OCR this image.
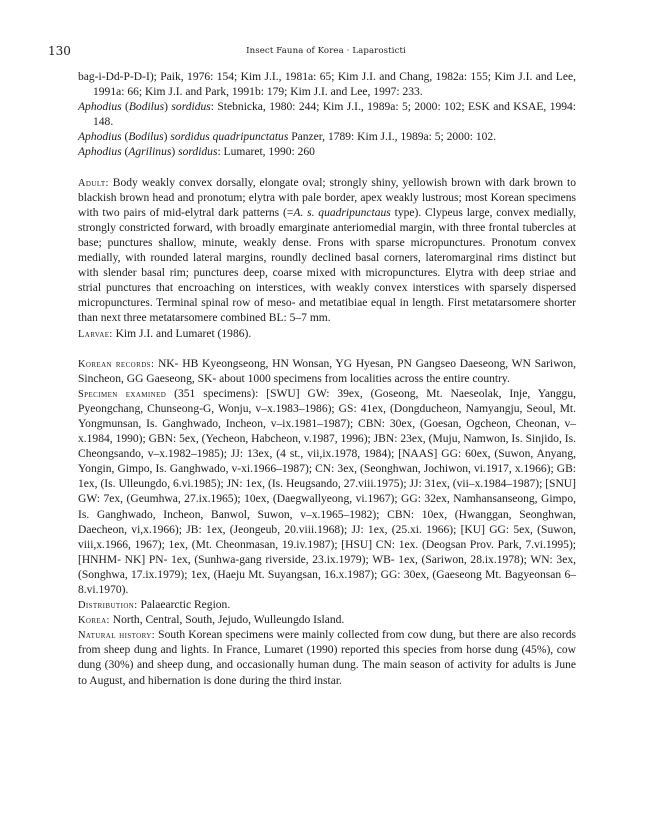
130	Insect Fauna of Korea · Laparosticti

bag-i-Dd-P-D-I); Paik, 1976: 154; Kim J.I., 1981a: 65; Kim J.I. and Chang, 1982a: 155; Kim J.I. and Lee, 1991a: 66; Kim J.I. and Park, 1991b: 179; Kim J.I. and Lee, 1997: 233.

Aphodius (Bodilus) sordidus: Stebnicka, 1980: 244; Kim J.I., 1989a: 5; 2000: 102; ESK and KSAE, 1994: 148.

Aphodius (Bodilus) sordidus quadripunctatus Panzer, 1789: Kim J.I., 1989a: 5; 2000: 102.

Aphodius (Agrilinus) sordidus: Lumaret, 1990: 260

Adult: Body weakly convex dorsally, elongate oval; strongly shiny, yellowish brown with dark brown to blackish brown head and pronotum; elytra with pale border, apex weakly lustrous; most Korean specimens with two pairs of mid-elytral dark patterns (=A. s. quadripunctaus type). Clypeus large, convex medially, strongly constricted forward, with broadly emarginate anteriomedial margin, with three frontal tubercles at base; punctures shallow, minute, weakly dense. Frons with sparse micropunctures. Pronotum convex medially, with rounded lateral margins, roundly declined basal corners, lateromarginal rims distinct but with slender basal rim; punctures deep, coarse mixed with micropunctures. Elytra with deep striae and strial punctures that encroaching on interstices, with weakly convex interstices with sparsely dispersed micropunctures. Terminal spinal row of meso- and metatibiae equal in length. First metatarsomere shorter than next three metatarsomere combined BL: 5–7 mm.

Larvae: Kim J.I. and Lumaret (1986).

Korean records: NK- HB Kyeongseong, HN Wonsan, YG Hyesan, PN Gangseo Daeseong, WN Sariwon, Sincheon, GG Gaeseong, SK- about 1000 specimens from localities across the entire country.

Specimen examined (351 specimens): [SWU] GW: 39ex, (Goseong, Mt. Naeseolak, Inje, Yanggu, Pyeongchang, Chunseong-G, Wonju, v–x.1983–1986); GS: 41ex, (Dongducheon, Namyangju, Seoul, Mt. Yongmunsan, Is. Ganghwado, Incheon, v–ix.1981–1987); CBN: 30ex, (Goesan, Ogcheon, Cheonan, v–x.1984, 1990); GBN: 5ex, (Yecheon, Habcheon, v.1987, 1996); JBN: 23ex, (Muju, Namwon, Is. Sinjido, Is. Cheongsando, v–x.1982–1985); JJ: 13ex, (4 st., vii,ix.1978, 1984); [NAAS] GG: 60ex, (Suwon, Anyang, Yongin, Gimpo, Is. Ganghwado, v-xi.1966–1987); CN: 3ex, (Seonghwan, Jochiwon, vi.1917, x.1966); GB: 1ex, (Is. Ulleungdo, 6.vi.1985); JN: 1ex, (Is. Heugsando, 27.viii.1975); JJ: 31ex, (vii–x.1984–1987); [SNU] GW: 7ex, (Geumhwa, 27.ix.1965); 10ex, (Daegwallyeong, vi.1967); GG: 32ex, Namhansanseong, Gimpo, Is. Ganghwado, Incheon, Banwol, Suwon, v–x.1965–1982); CBN: 10ex, (Hwanggan, Seonghwan, Daecheon, vi,x.1966); JB: 1ex, (Jeongeub, 20.viii.1968); JJ: 1ex, (25.xi. 1966); [KU] GG: 5ex, (Suwon, viii,x.1966, 1967); 1ex, (Mt. Cheonmasan, 19.iv.1987); [HSU] CN: 1ex. (Deogsan Prov. Park, 7.vi.1995); [HNHM- NK] PN- 1ex, (Sunhwa-gang riverside, 23.ix.1979); WB- 1ex, (Sariwon, 28.ix.1978); WN: 3ex, (Songhwa, 17.ix.1979); 1ex, (Haeju Mt. Suyangsan, 16.x.1987); GG: 30ex, (Gaeseong Mt. Bagyeonsan 6–8.vi.1970).

Distribution: Palaearctic Region.

Korea: North, Central, South, Jejudo, Wulleungdo Island.

Natural history: South Korean specimens were mainly collected from cow dung, but there are also records from sheep dung and lights. In France, Lumaret (1990) reported this species from horse dung (45%), cow dung (30%) and sheep dung, and occasionally human dung. The main season of activity for adults is June to August, and hibernation is done during the third instar.
